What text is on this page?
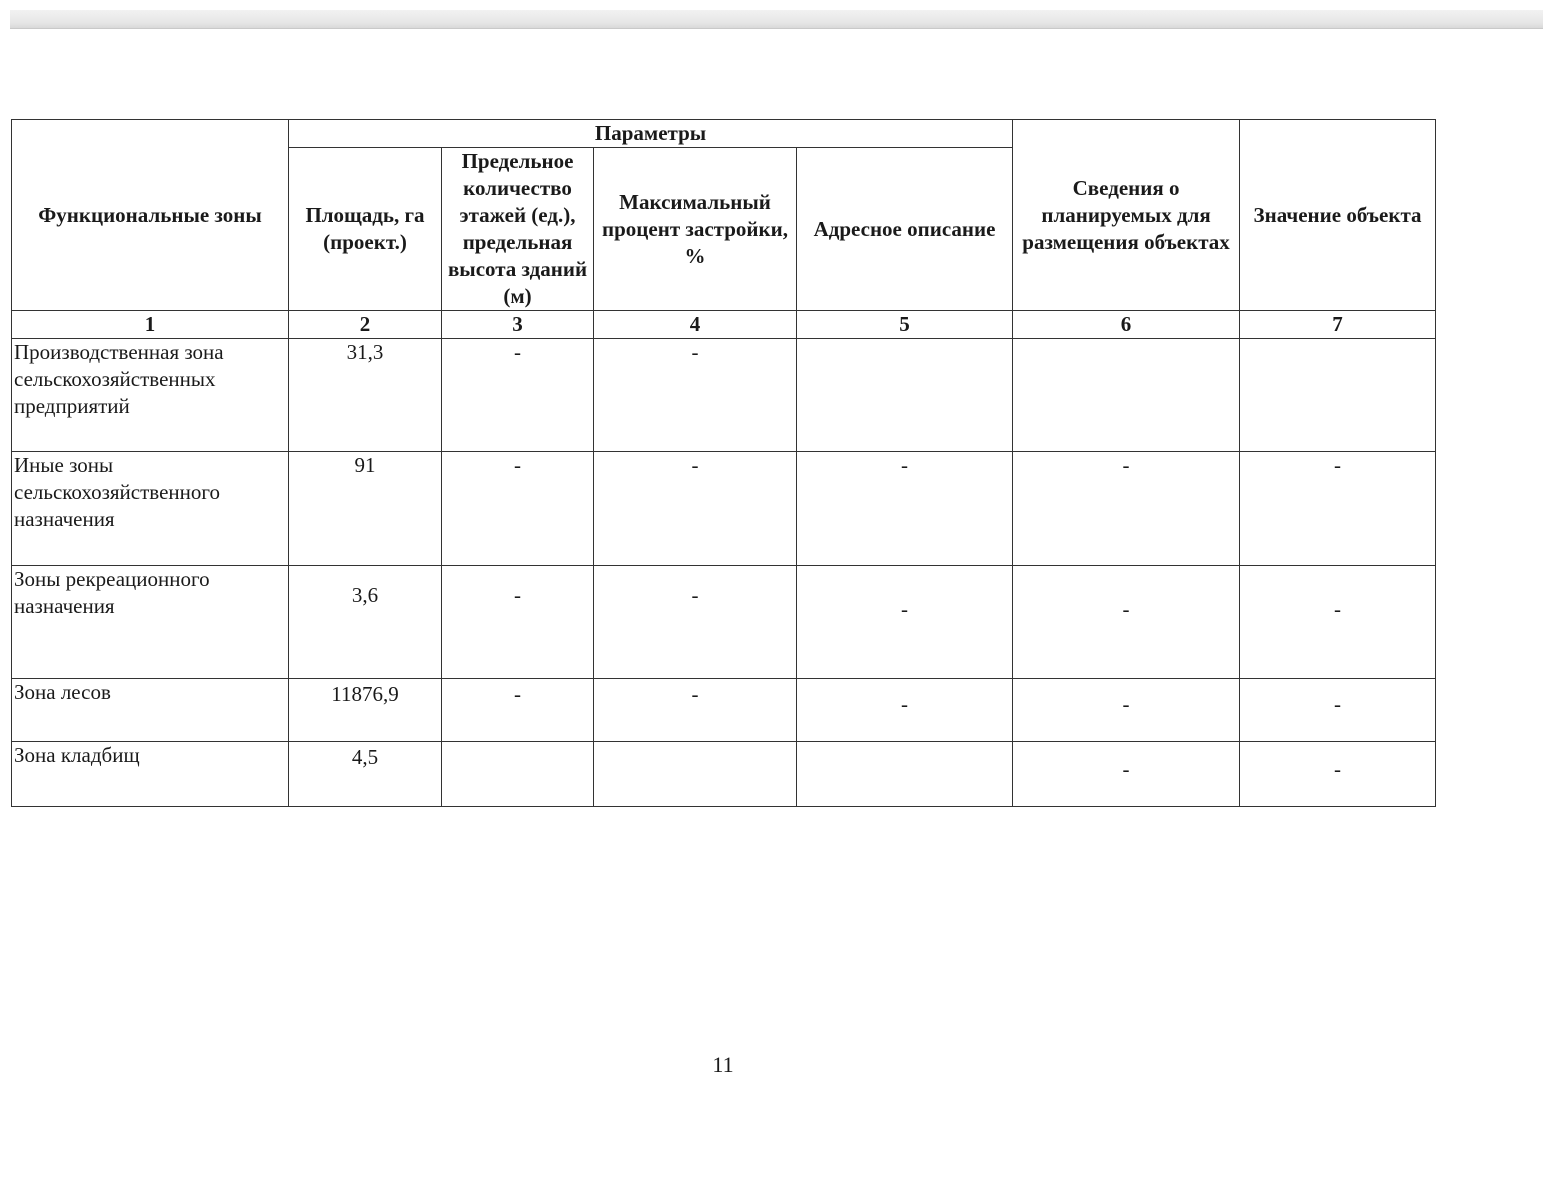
Функциональные зоны	Параметры				Сведения о планируемых для размещения объектах	Значение объекта
	Площадь, га (проект.)	Предельное количество этажей (ед.), предельная высота зданий (м)	Максимальный процент застройки, %	Адресное описание		
1	2	3	4	5	6	7
Производственная зона сельскохозяйственных предприятий	31,3	-	-			
Иные зоны сельскохозяйственного назначения	91	-	-	-	-	-
Зоны рекреационного назначения	3,6	-	-	-	-	-
Зона лесов	11876,9	-	-	-	-	-
Зона кладбищ	4,5				-	-
11
